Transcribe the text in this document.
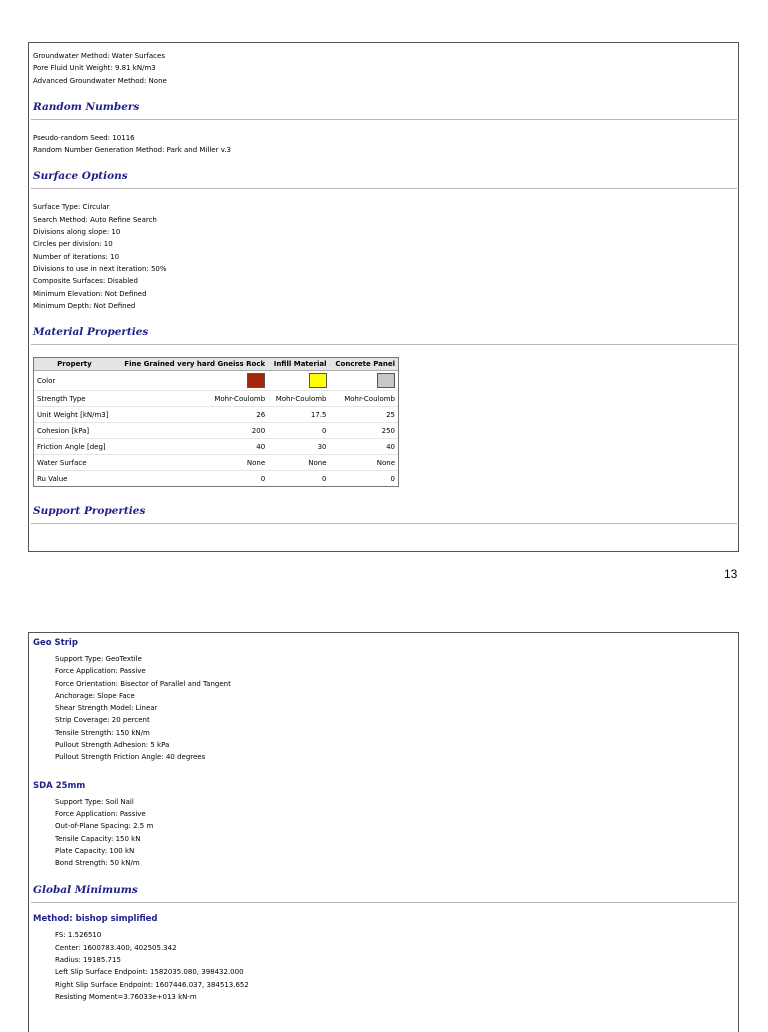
Groundwater Method: Water Surfaces
Pore Fluid Unit Weight: 9.81 kN/m3
Advanced Groundwater Method: None
Random Numbers
Pseudo-random Seed: 10116
Random Number Generation Method: Park and Miller v.3
Surface Options
Surface Type: Circular
Search Method: Auto Refine Search
Divisions along slope: 10
Circles per division: 10
Number of iterations: 10
Divisions to use in next iteration: 50%
Composite Surfaces: Disabled
Minimum Elevation: Not Defined
Minimum Depth: Not Defined
Material Properties
Property	Fine Grained very hard Gneiss Rock	Infill Material	Concrete Panel
Color			
Strength Type	Mohr-Coulomb	Mohr-Coulomb	Mohr-Coulomb
Unit Weight [kN/m3]	26	17.5	25
Cohesion [kPa]	200	0	250
Friction Angle [deg]	40	30	40
Water Surface	None	None	None
Ru Value	0	0	0
Support Properties
13
Geo Strip
Support Type: GeoTextile
Force Application: Passive
Force Orientation: Bisector of Parallel and Tangent
Anchorage: Slope Face
Shear Strength Model: Linear
Strip Coverage: 20 percent
Tensile Strength: 150 kN/m
Pullout Strength Adhesion: 5 kPa
Pullout Strength Friction Angle: 40 degrees
SDA 25mm
Support Type: Soil Nail
Force Application: Passive
Out-of-Plane Spacing: 2.5 m
Tensile Capacity: 150 kN
Plate Capacity: 100 kN
Bond Strength: 50 kN/m
Global Minimums
Method: bishop simplified
FS: 1.526510
Center: 1600783.400, 402505.342
Radius: 19185.715
Left Slip Surface Endpoint: 1582035.080, 398432.000
Right Slip Surface Endpoint: 1607446.037, 384513.652
Resisting Moment=3.76033e+013 kN-m
